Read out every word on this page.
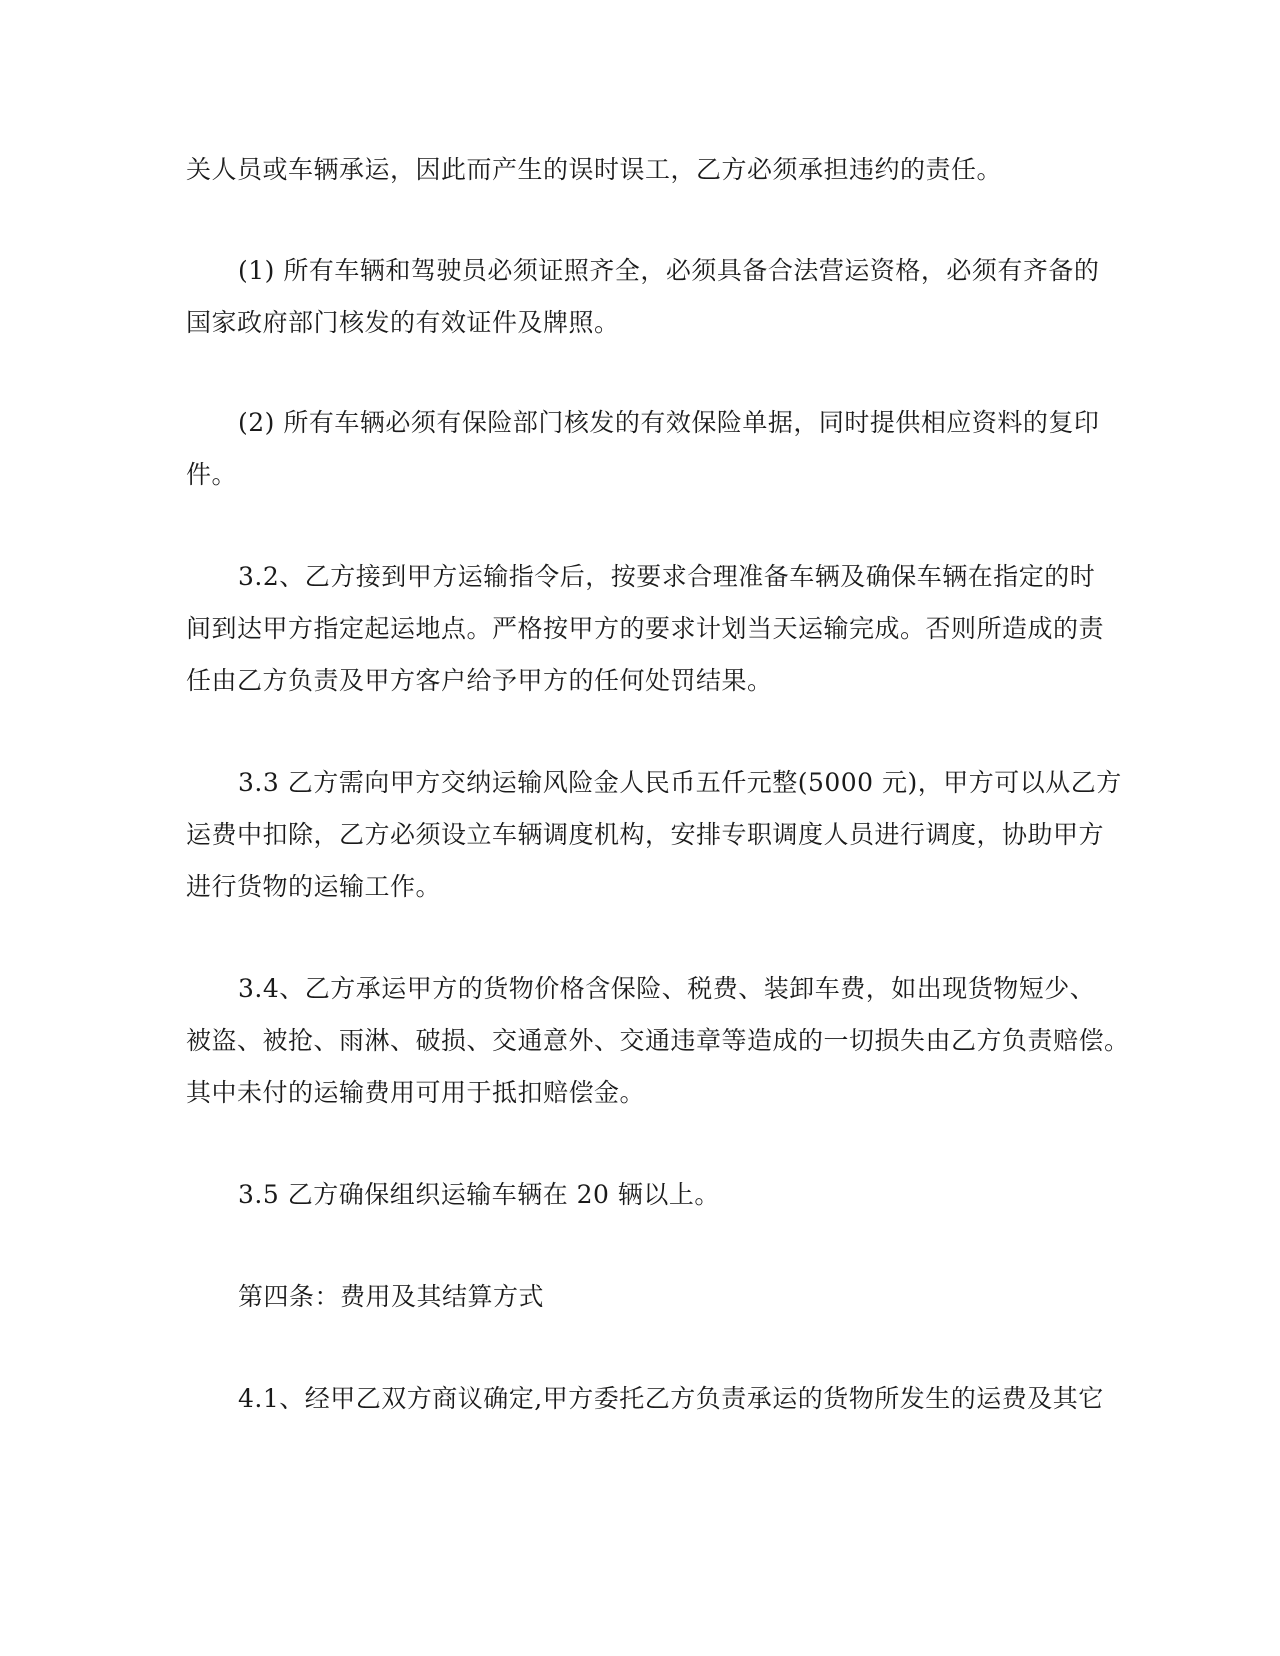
关人员或车辆承运，因此而产生的误时误工，乙方必须承担违约的责任。
(1) 所有车辆和驾驶员必须证照齐全，必须具备合法营运资格，必须有齐备的
国家政府部门核发的有效证件及牌照。
(2) 所有车辆必须有保险部门核发的有效保险单据，同时提供相应资料的复印
件。
3.2、乙方接到甲方运输指令后，按要求合理准备车辆及确保车辆在指定的时
间到达甲方指定起运地点。严格按甲方的要求计划当天运输完成。否则所造成的责
任由乙方负责及甲方客户给予甲方的任何处罚结果。
3.3 乙方需向甲方交纳运输风险金人民币五仟元整(5000 元)，甲方可以从乙方
运费中扣除，乙方必须设立车辆调度机构，安排专职调度人员进行调度，协助甲方
进行货物的运输工作。
3.4、乙方承运甲方的货物价格含保险、税费、装卸车费，如出现货物短少、
被盗、被抢、雨淋、破损、交通意外、交通违章等造成的一切损失由乙方负责赔偿。
其中未付的运输费用可用于抵扣赔偿金。
3.5 乙方确保组织运输车辆在 20 辆以上。
第四条：费用及其结算方式
4.1、经甲乙双方商议确定,甲方委托乙方负责承运的货物所发生的运费及其它
